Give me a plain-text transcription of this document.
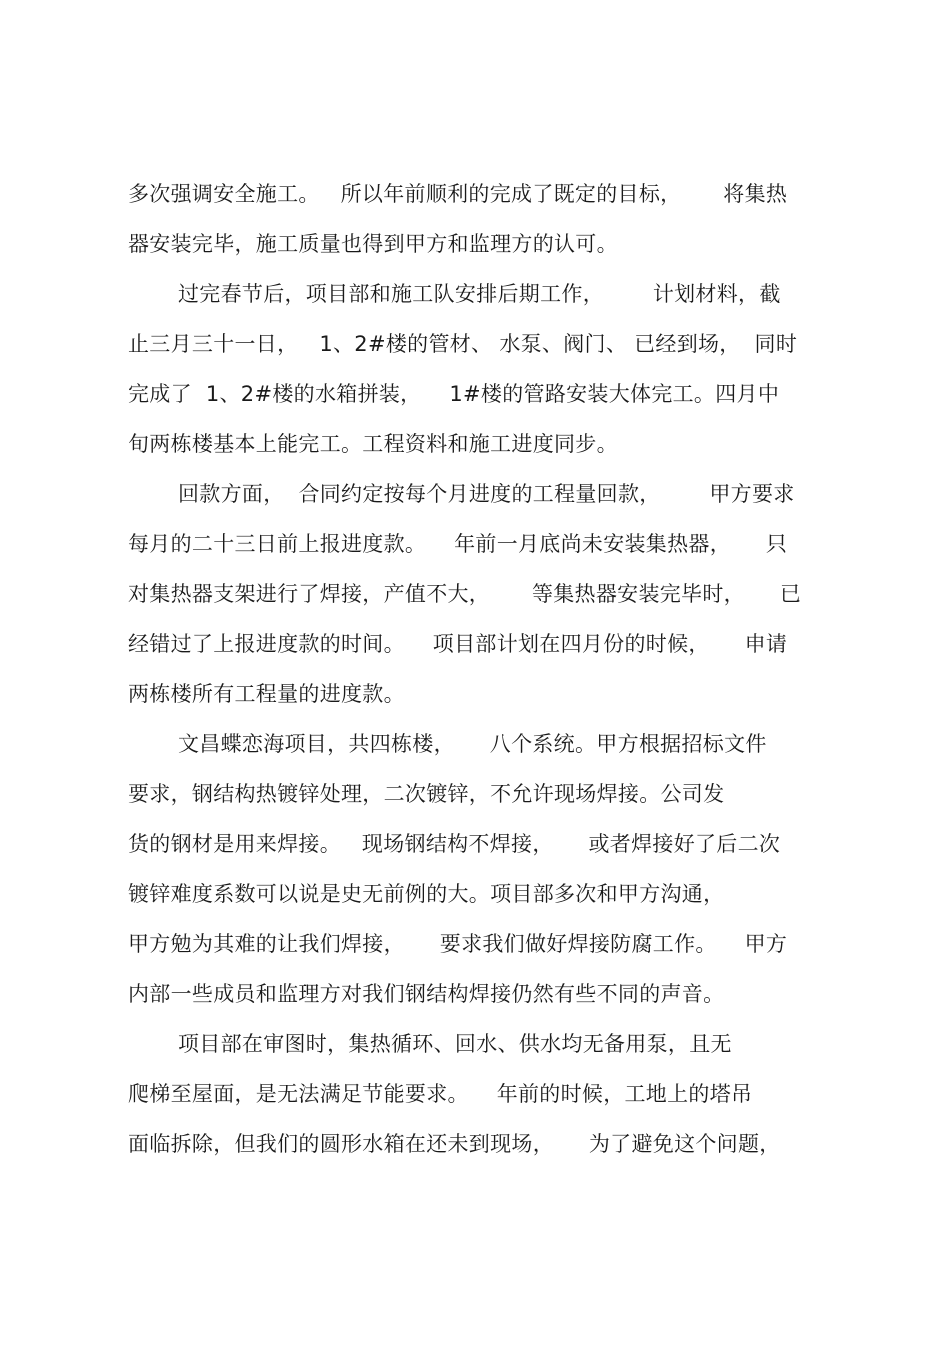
多次强调安全施工。   所以年前顺利的完成了既定的目标，      将集热
器安装完毕，施工质量也得到甲方和监理方的认可。
过完春节后，项目部和施工队安排后期工作，       计划材料，截
止三月三十一日，   1、2#楼的管材、 水泵、阀门、 已经到场，  同时
完成了  1、2#楼的水箱拼装，    1#楼的管路安装大体完工。四月中
旬两栋楼基本上能完工。工程资料和施工进度同步。
回款方面，  合同约定按每个月进度的工程量回款，       甲方要求
每月的二十三日前上报进度款。    年前一月底尚未安装集热器，     只
对集热器支架进行了焊接，产值不大，      等集热器安装完毕时，     已
经错过了上报进度款的时间。    项目部计划在四月份的时候，     申请
两栋楼所有工程量的进度款。
文昌蝶恋海项目，共四栋楼，     八个系统。甲方根据招标文件
要求，钢结构热镀锌处理，二次镀锌，不允许现场焊接。公司发
货的钢材是用来焊接。   现场钢结构不焊接，     或者焊接好了后二次
镀锌难度系数可以说是史无前例的大。项目部多次和甲方沟通，
甲方勉为其难的让我们焊接，     要求我们做好焊接防腐工作。    甲方
内部一些成员和监理方对我们钢结构焊接仍然有些不同的声音。
项目部在审图时，集热循环、回水、供水均无备用泵，且无
爬梯至屋面，是无法满足节能要求。    年前的时候，工地上的塔吊
面临拆除，但我们的圆形水箱在还未到现场，     为了避免这个问题，
